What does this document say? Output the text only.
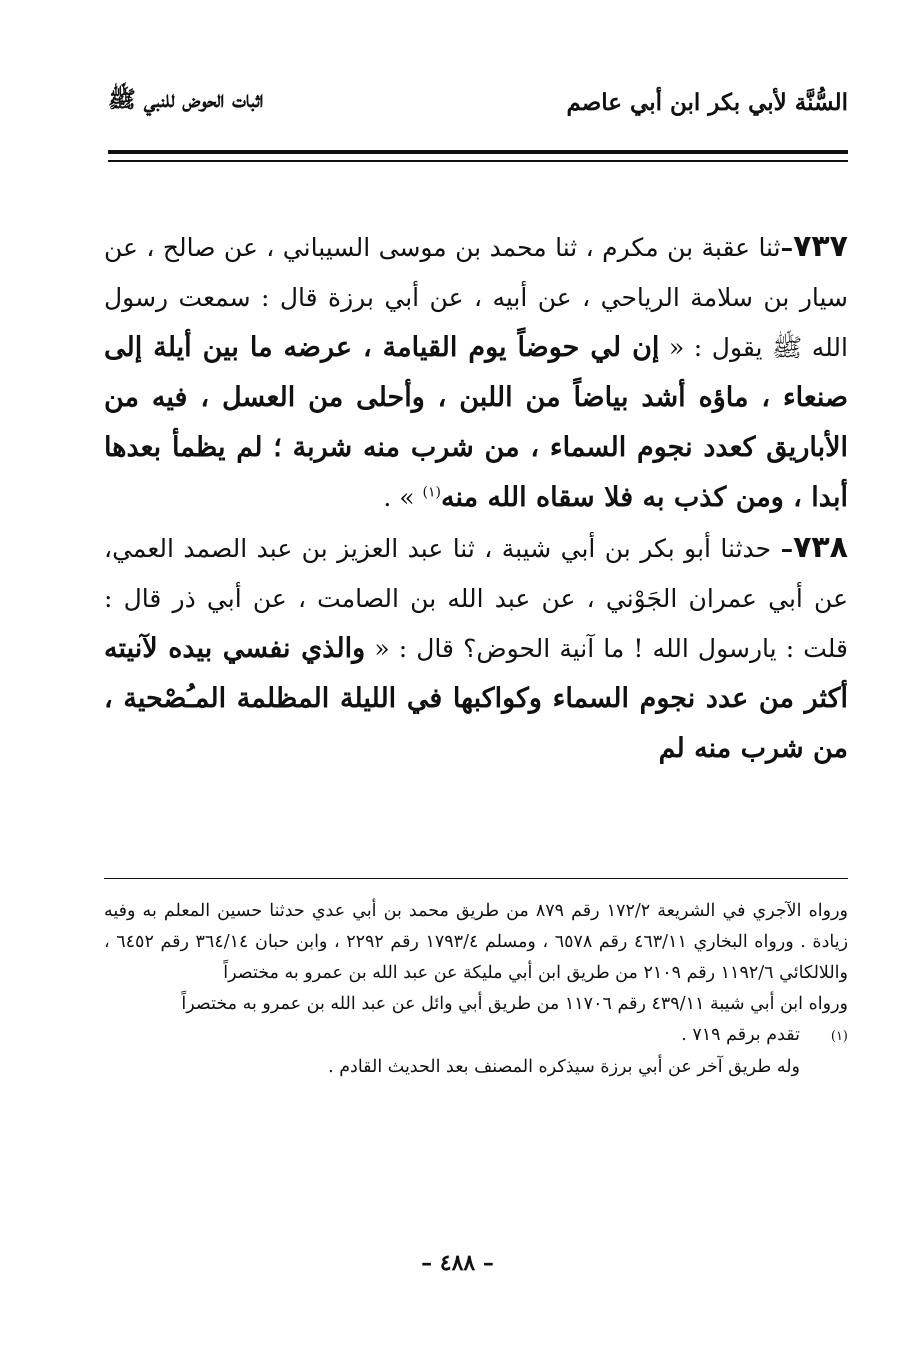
السُّنَّة لأبي بكر ابن أبي عاصم
اثبات الحوض للنبي ﷺ

٧٣٧–ثنا عقبة بن مكرم ، ثنا محمد بن موسى السيباني ، عن صالح ، عن سيار بن سلامة الرياحي ، عن أبيه ، عن أبي برزة قال : سمعت رسول الله ﷺ يقول : « إن لي حوضاً يوم القيامة ، عرضه ما بين أيلة إلى صنعاء ، ماؤه أشد بياضاً من اللبن ، وأحلى من العسل ، فيه من الأباريق كعدد نجوم السماء ، من شرب منه شربة ؛ لم يظمأ بعدها أبدا ، ومن كذب به فلا سقاه الله منه$^{(١)}$ » .

٧٣٨– حدثنا أبو بكر بن أبي شيبة ، ثنا عبد العزيز بن عبد الصمد العمي، عن أبي عمران الجَوْني ، عن عبد الله بن الصامت ، عن أبي ذر قال : قلت : يارسول الله ! ما آنية الحوض؟ قال : « والذي نفسي بيده لآنيته أكثر من عدد نجوم السماء وكواكبها في الليلة المظلمة المـُصْحية ، من شرب منه لم

ورواه الآجري في الشريعة ١٧٢/٢ رقم ٨٧٩ من طريق محمد بن أبي عدي حدثنا حسين المعلم به وفيه زيادة . ورواه البخاري ٤٦٣/١١ رقم ٦٥٧٨ ، ومسلم ١٧٩٣/٤ رقم ٢٢٩٢ ، وابن حبان ٣٦٤/١٤ رقم ٦٤٥٢ ، واللالكائي ١١٩٢/٦ رقم ٢١٠٩ من طريق ابن أبي مليكة عن عبد الله بن عمرو به مختصراً

ورواه ابن أبي شيبة ٤٣٩/١١ رقم ١١٧٠٦ من طريق أبي وائل عن عبد الله بن عمرو به مختصراً

(١)
تقدم برقم ٧١٩ .

وله طريق آخر عن أبي برزة سيذكره المصنف بعد الحديث القادم .

– ٤٨٨ –
